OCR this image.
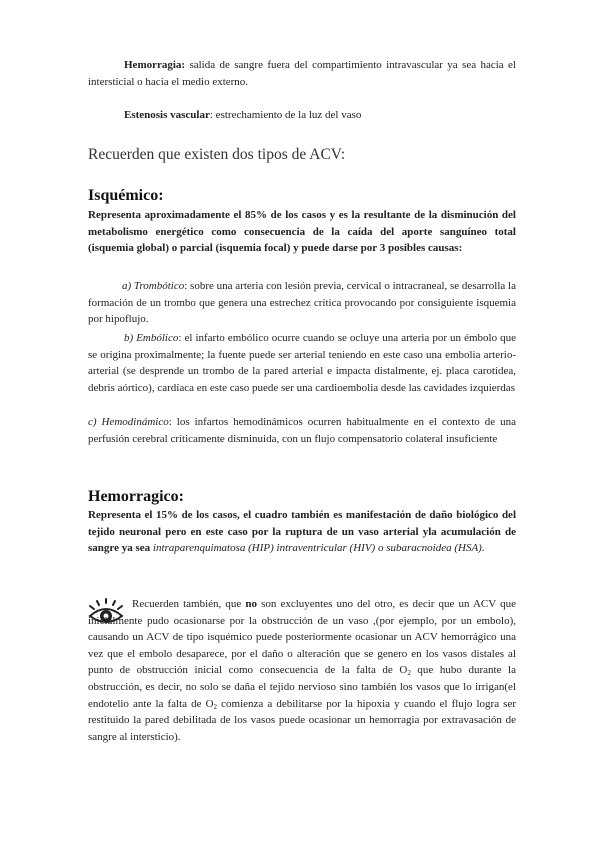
Hemorragia: salida de sangre fuera del compartimiento intravascular ya sea hacia el intersticial o hacia el medio externo.

Estenosis vascular: estrechamiento de la luz del vaso

Recuerden que existen dos tipos de ACV:

Isquémico:

Representa aproximadamente el 85% de los casos y es la resultante de la disminución del metabolismo energético como consecuencia de la caída del aporte sanguíneo total (isquemia global) o parcial (isquemia focal) y puede darse por 3 posibles causas:

a) Trombótico: sobre una arteria con lesión previa, cervical o intracraneal, se desarrolla la formación de un trombo que genera una estrechez crítica provocando por consiguiente isquemia por hipoflujo.

b) Embólico: el infarto embólico ocurre cuando se ocluye una arteria por un émbolo que se origina proximalmente; la fuente puede ser arterial teniendo en este caso una embolia arterio-arterial (se desprende un trombo de la pared arterial e impacta distalmente, ej. placa carotídea, debris aórtico), cardíaca en este caso puede ser una cardioembolia desde las cavidades izquierdas

c) Hemodinámico: los infartos hemodinámicos ocurren habitualmente en el contexto de una perfusión cerebral críticamente disminuida, con un flujo compensatorio colateral insuficiente

Hemorragico:

Representa el 15% de los casos, el cuadro también es manifestación de daño biológico del tejido neuronal pero en este caso por la ruptura de un vaso arterial yla acumulación de sangre ya sea intraparenquimatosa (HIP) intraventricular (HIV) o subaracnoidea (HSA).

Recuerden también, que no son excluyentes uno del otro, es decir que un ACV que inicialmente pudo ocasionarse por la obstrucción de un vaso ,(por ejemplo, por un embolo), causando un ACV de tipo isquémico puede posteriormente ocasionar un ACV hemorrágico una vez que el embolo desaparece, por el daño o alteración que se genero en los vasos distales al punto de obstrucción inicial como consecuencia de la falta de $O_2$ que hubo durante la obstrucción, es decir, no solo se daña el tejido nervioso sino también los vasos que lo irrigan(el endotelio ante la falta de $O_2$ comienza a debilitarse por la hipoxia y cuando el flujo logra ser restituido la pared debilitada de los vasos puede ocasionar un hemorragia por extravasación de sangre al intersticio).
